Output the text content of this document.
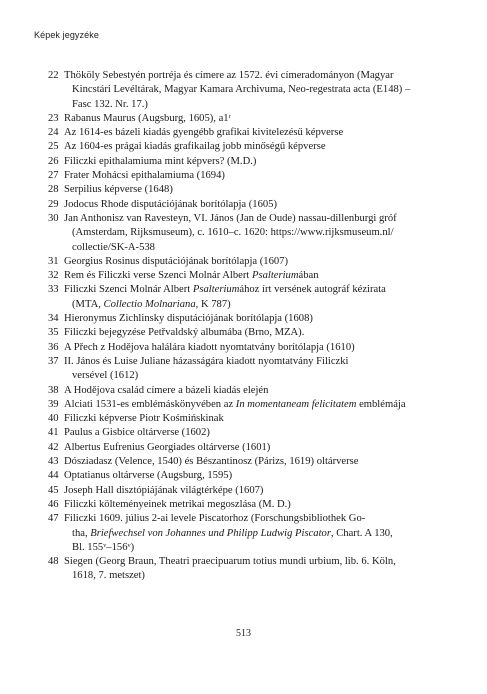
Képek jegyzéke
22 Thököly Sebestyén portréja és címere az 1572. évi címeradományon (Magyar
Kincstári Levéltárak, Magyar Kamara Archivuma, Neo-regestrata acta (E148) –
Fasc 132. Nr. 17.)
23 Rabanus Maurus (Augsburg, 1605), a1ʳ
24 Az 1614-es bázeli kiadás gyengébb grafikai kivitelezésű képverse
25 Az 1604-es prágai kiadás grafikailag jobb minőségű képverse
26 Filiczki epithalamiuma mint képvers? (M.D.)
27 Frater Mohácsi epithalamiuma (1694)
28 Serpilius képverse (1648)
29 Jodocus Rhode disputációjának borítólapja (1605)
30 Jan Anthonisz van Ravesteyn, VI. János (Jan de Oude) nassau-dillenburgi gróf
(Amsterdam, Rijksmuseum), c. 1610–c. 1620: https://www.rijksmuseum.nl/
collectie/SK-A-538
31 Georgius Rosinus disputációjának borítólapja (1607)
32 Rem és Filiczki verse Szenci Molnár Albert Psalteriumában
33 Filiczki Szenci Molnár Albert Psalteriumához írt versének autográf kézirata
(MTA, Collectio Molnariana, K 787)
34 Hieronymus Zichlinsky disputációjának borítólapja (1608)
35 Filiczki bejegyzése Petřvaldský albumába (Brno, MZA).
36 A Přech z Hodějova halálára kiadott nyomtatvány borítólapja (1610)
37 II. János és Luise Juliane házasságára kiadott nyomtatvány Filiczki
versével (1612)
38 A Hodějova család címere a bázeli kiadás elején
39 Alciati 1531-es emblémáskönyvében az In momentaneam felicitatem emblémája
40 Filiczki képverse Piotr Kośmińskinak
41 Paulus a Gisbice oltárverse (1602)
42 Albertus Eufrenius Georgiades oltárverse (1601)
43 Dósziadasz (Velence, 1540) és Bészantinosz (Párizs, 1619) oltárverse
44 Optatianus oltárverse (Augsburg, 1595)
45 Joseph Hall disztópiájának világtérképe (1607)
46 Filiczki költeményeinek metrikai megoszlása (M. D.)
47 Filiczki 1609. július 2-ai levele Piscatorhoz (Forschungsbibliothek Go-
tha, Briefwechsel von Johannes und Philipp Ludwig Piscator, Chart. A 130,
Bl. 155ᵛ–156ᵛ)
48 Siegen (Georg Braun, Theatri praecipuarum totius mundi urbium, lib. 6. Köln,
1618, 7. metszet)
513
